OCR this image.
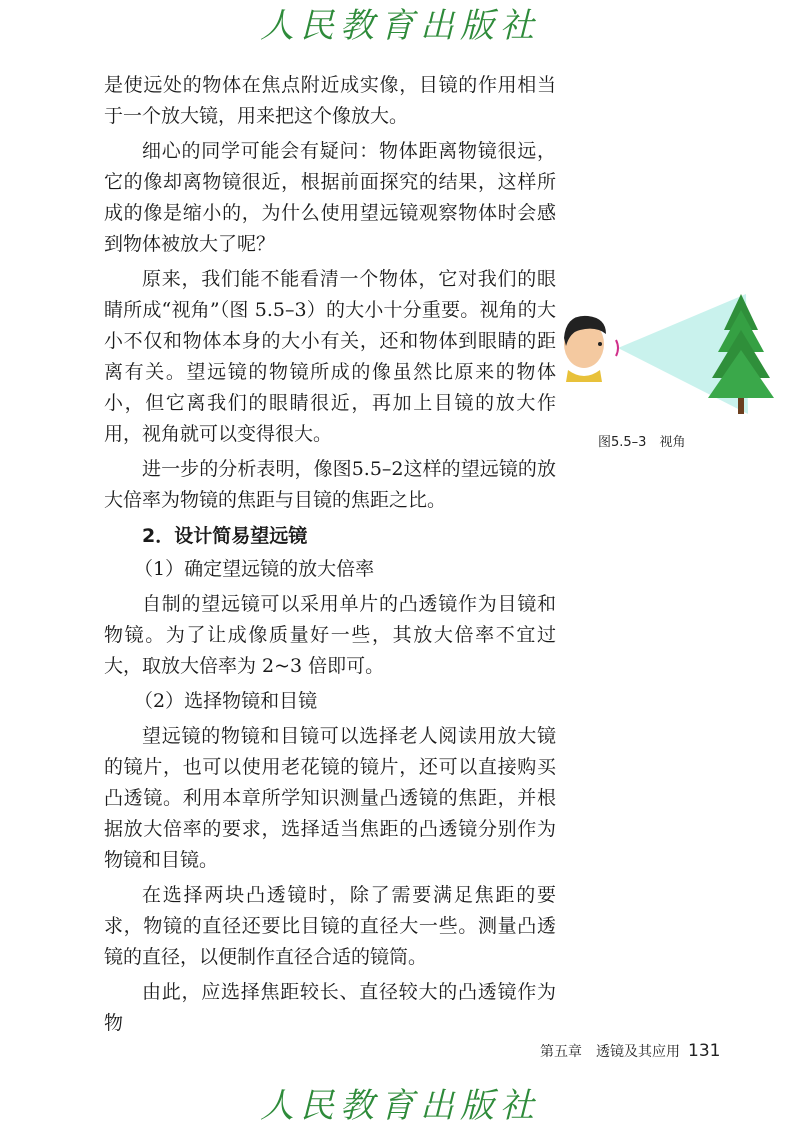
人民教育出版社

是使远处的物体在焦点附近成实像，目镜的作用相当于一个放大镜，用来把这个像放大。

细心的同学可能会有疑问：物体距离物镜很远，它的像却离物镜很近，根据前面探究的结果，这样所成的像是缩小的，为什么使用望远镜观察物体时会感到物体被放大了呢？

原来，我们能不能看清一个物体，它对我们的眼睛所成“视角”（图 5.5–3）的大小十分重要。视角的大小不仅和物体本身的大小有关，还和物体到眼睛的距离有关。望远镜的物镜所成的像虽然比原来的物体小，但它离我们的眼睛很近，再加上目镜的放大作用，视角就可以变得很大。

进一步的分析表明，像图5.5–2这样的望远镜的放大倍率为物镜的焦距与目镜的焦距之比。

2．设计简易望远镜

（1）确定望远镜的放大倍率

自制的望远镜可以采用单片的凸透镜作为目镜和物镜。为了让成像质量好一些，其放大倍率不宜过大，取放大倍率为 2~3 倍即可。

（2）选择物镜和目镜

望远镜的物镜和目镜可以选择老人阅读用放大镜的镜片，也可以使用老花镜的镜片，还可以直接购买凸透镜。利用本章所学知识测量凸透镜的焦距，并根据放大倍率的要求，选择适当焦距的凸透镜分别作为物镜和目镜。

在选择两块凸透镜时，除了需要满足焦距的要求，物镜的直径还要比目镜的直径大一些。测量凸透镜的直径，以便制作直径合适的镜筒。

由此，应选择焦距较长、直径较大的凸透镜作为物

图5.5–3　视角
第五章　透镜及其应用 131
人民教育出版社
